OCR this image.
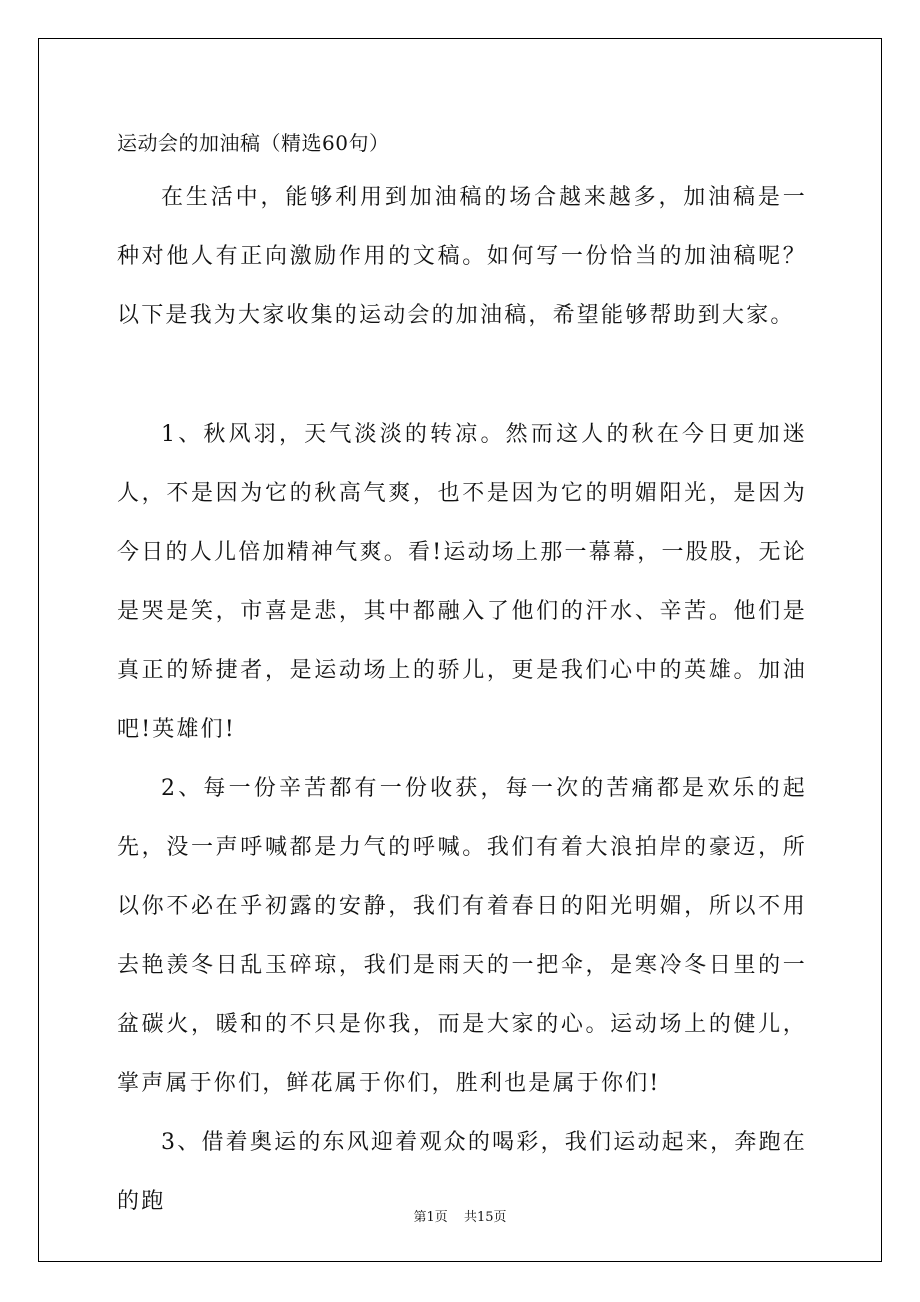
运动会的加油稿（精选60句）

在生活中，能够利用到加油稿的场合越来越多，加油稿是一种对他人有正向激励作用的文稿。如何写一份恰当的加油稿呢？以下是我为大家收集的运动会的加油稿，希望能够帮助到大家。

1、秋风羽，天气淡淡的转凉。然而这人的秋在今日更加迷人，不是因为它的秋高气爽，也不是因为它的明媚阳光，是因为今日的人儿倍加精神气爽。看!运动场上那一幕幕，一股股，无论是哭是笑，市喜是悲，其中都融入了他们的汗水、辛苦。他们是真正的矫捷者，是运动场上的骄儿，更是我们心中的英雄。加油吧!英雄们!

2、每一份辛苦都有一份收获，每一次的苦痛都是欢乐的起先，没一声呼喊都是力气的呼喊。我们有着大浪拍岸的豪迈，所以你不必在乎初露的安静，我们有着春日的阳光明媚，所以不用去艳羡冬日乱玉碎琼，我们是雨天的一把伞，是寒冷冬日里的一盆碳火，暖和的不只是你我，而是大家的心。运动场上的健儿，掌声属于你们，鲜花属于你们，胜利也是属于你们!

3、借着奥运的东风迎着观众的喝彩，我们运动起来，奔跑在的跑

第1页 共15页
